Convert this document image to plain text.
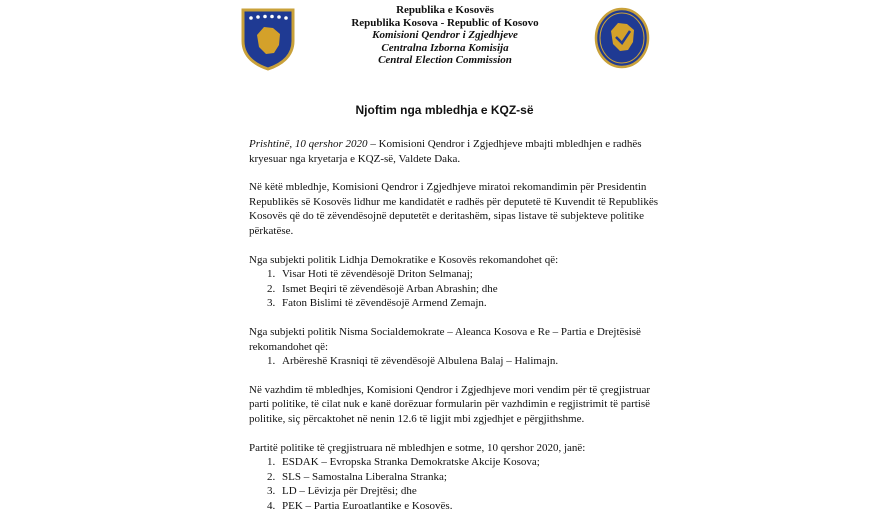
Republika e Kosovës
Republika Kosova - Republic of Kosovo
Komisioni Qendror i Zgjedhjeve
Centralna Izborna Komisija
Central Election Commission
Njoftim nga mbledhja e KQZ-së

Prishtinë, 10 qershor 2020 – Komisioni Qendror i Zgjedhjeve mbajti mbledhjen e radhës
kryesuar nga kryetarja e KQZ-së, Valdete Daka.

Në këtë mbledhje, Komisioni Qendror i Zgjedhjeve miratoi rekomandimin për Presidentin
Republikës së Kosovës lidhur me kandidatët e radhës për deputetë të Kuvendit të Republikës
Kosovës që do të zëvendësojnë deputetët e deritashëm, sipas listave të subjekteve politike
përkatëse.

Nga subjekti politik Lidhja Demokratike e Kosovës rekomandohet që:
1. Visar Hoti të zëvendësojë Driton Selmanaj;
2. Ismet Beqiri të zëvendësojë Arban Abrashin; dhe
3. Faton Bislimi të zëvendësojë Armend Zemajn.
Nga subjekti politik Nisma Socialdemokrate – Aleanca Kosova e Re – Partia e Drejtësisë
rekomandohet që:
1. Arbëreshë Krasniqi të zëvendësojë Albulena Balaj – Halimajn.

Në vazhdim të mbledhjes, Komisioni Qendror i Zgjedhjeve mori vendim për të çregjistruar
parti politike, të cilat nuk e kanë dorëzuar formularin për vazhdimin e regjistrimit të partisë
politike, siç përcaktohet në nenin 12.6 të ligjit mbi zgjedhjet e përgjithshme.

Partitë politike të çregjistruara në mbledhjen e sotme, 10 qershor 2020, janë:
1. ESDAK – Evropska Stranka Demokratske Akcije Kosova;
2. SLS – Samostalna Liberalna Stranka;
3. LD – Lëvizja për Drejtësi; dhe
4. PEK – Partia Euroatlantike e Kosovës.
